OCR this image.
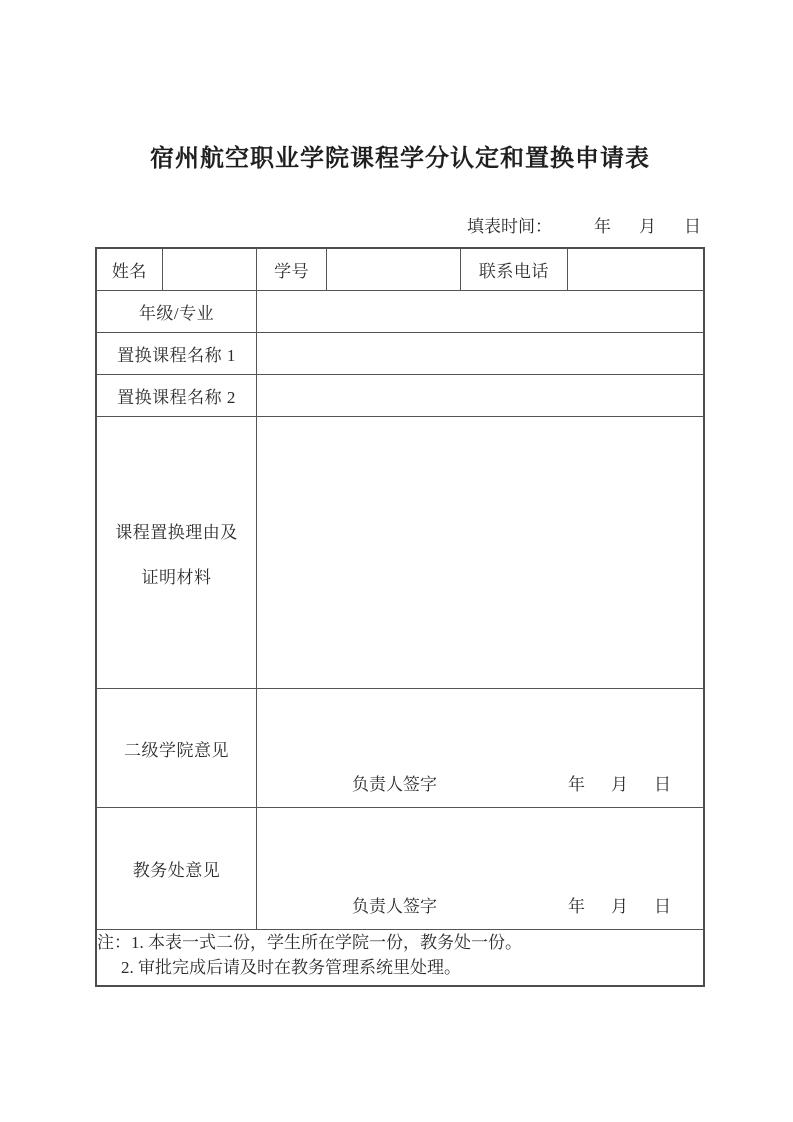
宿州航空职业学院课程学分认定和置换申请表
填表时间： 年 月 日
姓名		学号		联系电话	
年级/专业					
置换课程名称 1					
置换课程名称 2					

课程置换理由及
证明材料					

二级学院意见		负责人签字 年 月 日			

教务处意见		负责人签字 年 月 日			

注：1. 本表一式二份，学生所在学院一份，教务处一份。
2. 审批完成后请及时在教务管理系统里处理。					
